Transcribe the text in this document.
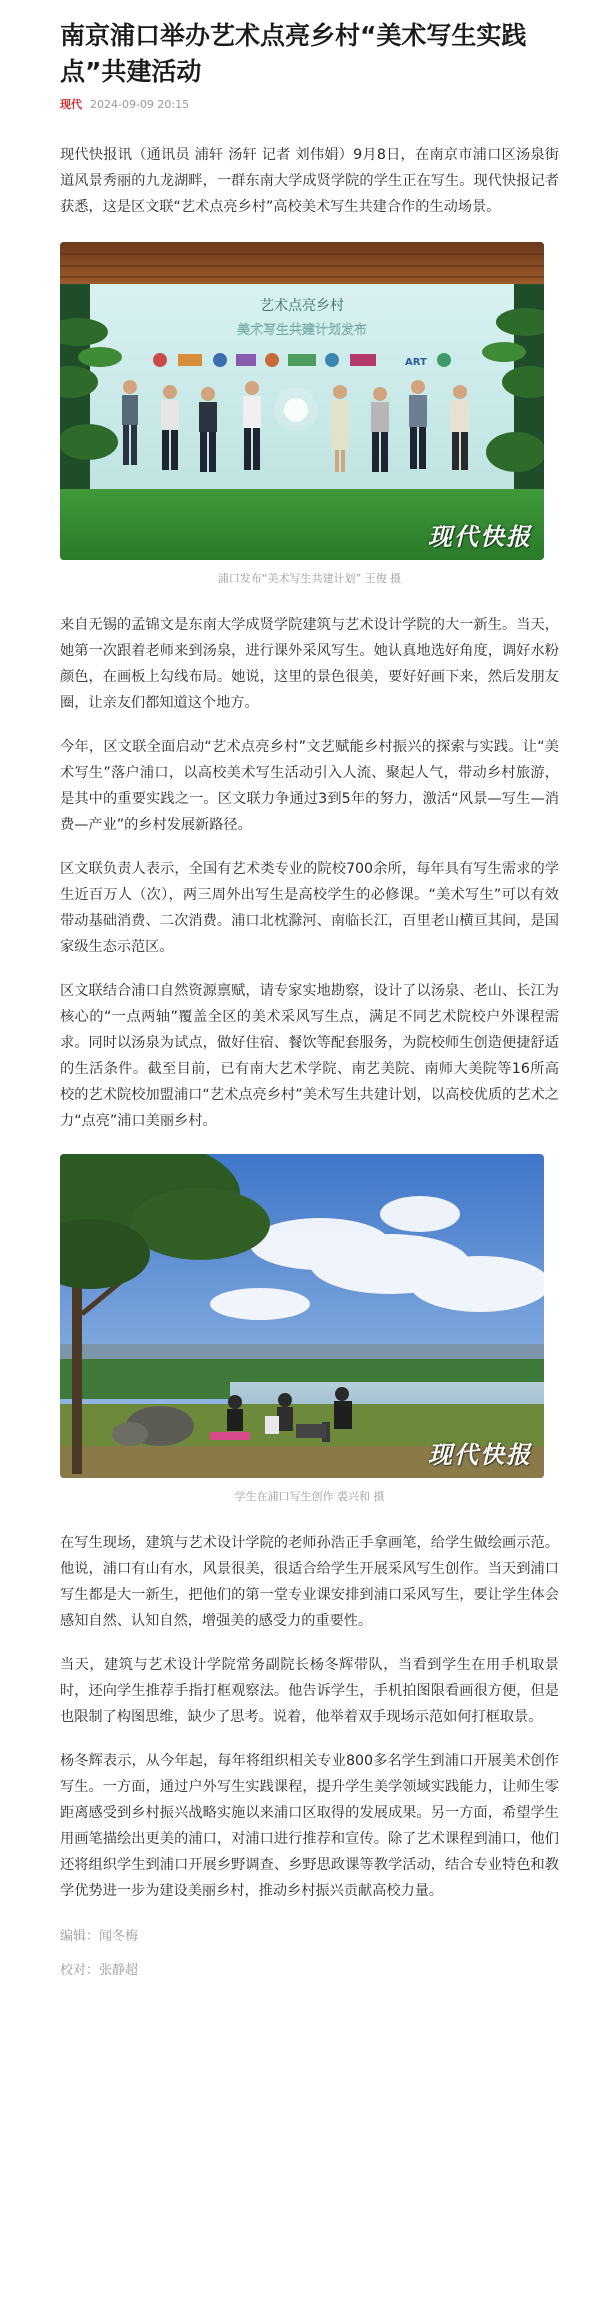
南京浦口举办艺术点亮乡村“美术写生实践点”共建活动
现代 2024-09-09 20:15

现代快报讯（通讯员 浦轩 汤轩 记者 刘伟娟）9月8日，在南京市浦口区汤泉街道风景秀丽的九龙湖畔，一群东南大学成贤学院的学生正在写生。现代快报记者获悉，这是区文联“艺术点亮乡村”高校美术写生共建合作的生动场景。

艺术点亮乡村
美术写生共建计划发布
ART
现代快报
浦口发布“美术写生共建计划” 王俊 摄

来自无锡的孟锦文是东南大学成贤学院建筑与艺术设计学院的大一新生。当天，她第一次跟着老师来到汤泉，进行课外采风写生。她认真地选好角度，调好水粉颜色，在画板上勾线布局。她说，这里的景色很美，要好好画下来，然后发朋友圈，让亲友们都知道这个地方。

今年，区文联全面启动“艺术点亮乡村”文艺赋能乡村振兴的探索与实践。让“美术写生”落户浦口，以高校美术写生活动引入人流、聚起人气，带动乡村旅游，是其中的重要实践之一。区文联力争通过3到5年的努力，激活“风景—写生—消费—产业”的乡村发展新路径。

区文联负责人表示，全国有艺术类专业的院校700余所，每年具有写生需求的学生近百万人（次），两三周外出写生是高校学生的必修课。“美术写生”可以有效带动基础消费、二次消费。浦口北枕滁河、南临长江，百里老山横亘其间，是国家级生态示范区。

区文联结合浦口自然资源禀赋，请专家实地勘察，设计了以汤泉、老山、长江为核心的“一点两轴”覆盖全区的美术采风写生点，满足不同艺术院校户外课程需求。同时以汤泉为试点，做好住宿、餐饮等配套服务，为院校师生创造便捷舒适的生活条件。截至目前，已有南大艺术学院、南艺美院、南师大美院等16所高校的艺术院校加盟浦口“艺术点亮乡村”美术写生共建计划，以高校优质的艺术之力“点亮”浦口美丽乡村。

现代快报
学生在浦口写生创作 裘兴和 摄

在写生现场，建筑与艺术设计学院的老师孙浩正手拿画笔，给学生做绘画示范。他说，浦口有山有水，风景很美，很适合给学生开展采风写生创作。当天到浦口写生都是大一新生，把他们的第一堂专业课安排到浦口采风写生，要让学生体会感知自然、认知自然，增强美的感受力的重要性。

当天，建筑与艺术设计学院常务副院长杨冬辉带队，当看到学生在用手机取景时，还向学生推荐手指打框观察法。他告诉学生，手机拍图限看画很方便，但是也限制了构图思维，缺少了思考。说着，他举着双手现场示范如何打框取景。

杨冬辉表示，从今年起，每年将组织相关专业800多名学生到浦口开展美术创作写生。一方面，通过户外写生实践课程，提升学生美学领域实践能力，让师生零距离感受到乡村振兴战略实施以来浦口区取得的发展成果。另一方面，希望学生用画笔描绘出更美的浦口，对浦口进行推荐和宣传。除了艺术课程到浦口，他们还将组织学生到浦口开展乡野调查、乡野思政课等教学活动，结合专业特色和教学优势进一步为建设美丽乡村，推动乡村振兴贡献高校力量。

编辑：闻冬梅
校对：张静超
